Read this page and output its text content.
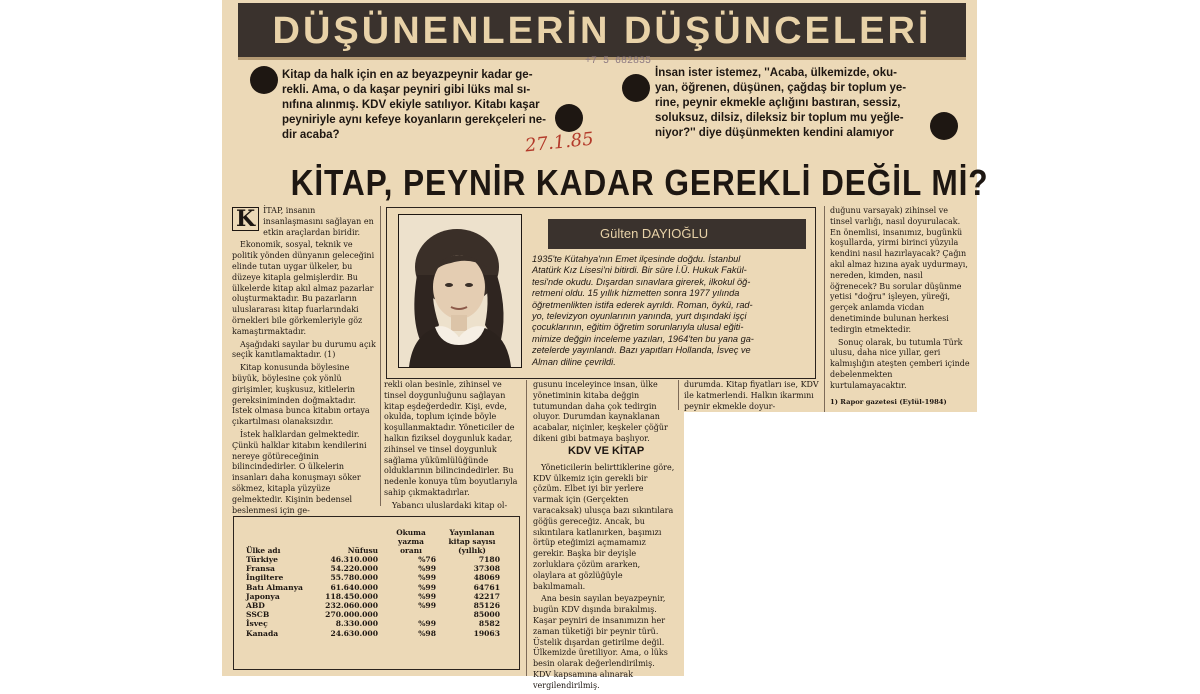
DÜŞÜNENLERİN DÜŞÜNCELERİ
+7 5 682835
Kitap da halk için en az beyazpeynir kadar ge-
rekli. Ama, o da kaşar peyniri gibi lüks mal sı-
nıfına alınmış. KDV ekiyle satılıyor. Kitabı kaşar
peyniriyle aynı kefeye koyanların gerekçeleri ne-
dir acaba?
İnsan ister istemez, ''Acaba, ülkemizde, oku-
yan, öğrenen, düşünen, çağdaş bir toplum ye-
rine, peynir ekmekle açlığını bastıran, sessiz,
soluksuz, dilsiz, dileksiz bir toplum mu yeğle-
niyor?'' diye düşünmekten kendini alamıyor
27.1.85
KİTAP, PEYNİR KADAR GEREKLİ DEĞİL Mİ?

K	İTAP, insanın insanlaşmasını sağlayan en etkin araçlardan biridir.

Ekonomik, sosyal, teknik ve politik yönden dünyanın geleceğini elinde tutan uygar ülkeler, bu düzeye kitapla gelmişlerdir. Bu ülkelerde kitap akıl almaz pazarlar oluşturmaktadır. Bu pazarların uluslararası kitap fuarlarındaki örnekleri bile görkemleriyle göz kamaştırmaktadır.

Aşağıdaki sayılar bu durumu açık seçik kanıtlamaktadır. (1)

Kitap konusunda böylesine büyük, böylesine çok yönlü girişimler, kuşkusuz, kitlelerin gereksiniminden doğmaktadır. İstek olmasa bunca kitabın ortaya çıkartılması olanaksızdır.

İstek halklardan gelmektedir. Çünkü halklar kitabın kendilerini nereye götüreceğinin bilincindedirler. O ülkelerin insanları daha konuşmayı söker sökmez, kitapla yüzyüze gelmektedir. Kişinin bedensel beslenmesi için ge-

Gülten DAYIOĞLU
1935'te Kütahya'nın Emet ilçesinde doğdu. İstanbul
Atatürk Kız Lisesi'ni bitirdi. Bir süre İ.Ü. Hukuk Fakül-
tesi'nde okudu. Dışardan sınavlara girerek, ilkokul öğ-
retmeni oldu. 15 yıllık hizmetten sonra 1977 yılında
öğretmenlikten istifa ederek ayrıldı. Roman, öykü, rad-
yo, televizyon oyunlarının yanında, yurt dışındaki işçi
çocuklarının, eğitim öğretim sorunlarıyla ulusal eğiti-
mimize değgin inceleme yazıları, 1964'ten bu yana ga-
zetelerde yayınlandı. Bazı yapıtları Hollanda, İsveç ve
Alman diline çevrildi.

rekli olan besinle, zihinsel ve tinsel doygunluğunu sağlayan kitap eşdeğerdedir. Kişi, evde, okulda, toplum içinde böyle koşullanmaktadır. Yöneticiler de halkın fiziksel doygunluk kadar, zihinsel ve tinsel doygunluk sağlama yükümlülüğünde olduklarının bilincindedirler. Bu nedenle konuya tüm boyutlarıyla sahip çıkmaktadırlar.

Yabancı uluslardaki kitap ol-

gusunu inceleyince insan, ülke yönetiminin kitaba değgin tutumundan daha çok tedirgin oluyor. Durumdan kaynaklanan acabalar, niçinler, keşkeler çöğür dikeni gibi batmaya başlıyor.

Yöneticilerin belirttiklerine göre, KDV ülkemiz için gerekli bir çözüm. Elbet iyi bir yerlere varmak için (Gerçekten varacaksak) ulusça bazı sıkıntılara göğüs gereceğiz. Ancak, bu sıkıntılara katlanırken, başımızı örtüp eteğimizi açmamamız gerekir. Başka bir deyişle zorluklara çözüm ararken, olaylara at gözlüğüyle bakılmamalı.

Ana besin sayılan beyazpeynir, bugün KDV dışında bırakılmış. Kaşar peyniri de insanımızın her zaman tüketiği bir peynir türü. Üstelik dışardan getirilme değil. Ülkemizde üretiliyor. Ama, o lüks besin olarak değerlendirilmiş. KDV kapsamına alınarak vergilendirilmiş.

KDV VE KİTAP

durumda. Kitap fiyatları ise, KDV ile katmerlendi. Halkın ikarmını peynir ekmekle doyur-

duğunu varsayak) zihinsel ve tinsel varlığı, nasıl doyurulacak. En önemlisi, insanımız, bugünkü koşullarda, yirmi birinci yüzyıla kendini nasıl hazırlayacak? Çağın akıl almaz hızına ayak uydurmayı, nereden, kimden, nasıl öğrenecek? Bu sorular düşünme yetisi "doğru" işleyen, yüreği, gerçek anlamda vicdan denetiminde bulunan herkesi tedirgin etmektedir.

Sonuç olarak, bu tutumla Türk ulusu, daha nice yıllar, geri kalmışlığın ateşten çemberi içinde debelenmekten kurtulamayacaktır.

1) Rapor gazetesi (Eylül-1984)
Ülke adı	Nüfusu	Okuma yazma oranı	Yayınlanan kitap sayısı (yıllık)
Türkiye	46.310.000	%76	7180
Fransa	54.220.000	%99	37308
İngiltere	55.780.000	%99	48069
Batı Almanya	61.640.000	%99	64761
Japonya	118.450.000	%99	42217
ABD	232.060.000	%99	85126
SSCB	270.000.000		85000
İsveç	8.330.000	%99	8582
Kanada	24.630.000	%98	19063
